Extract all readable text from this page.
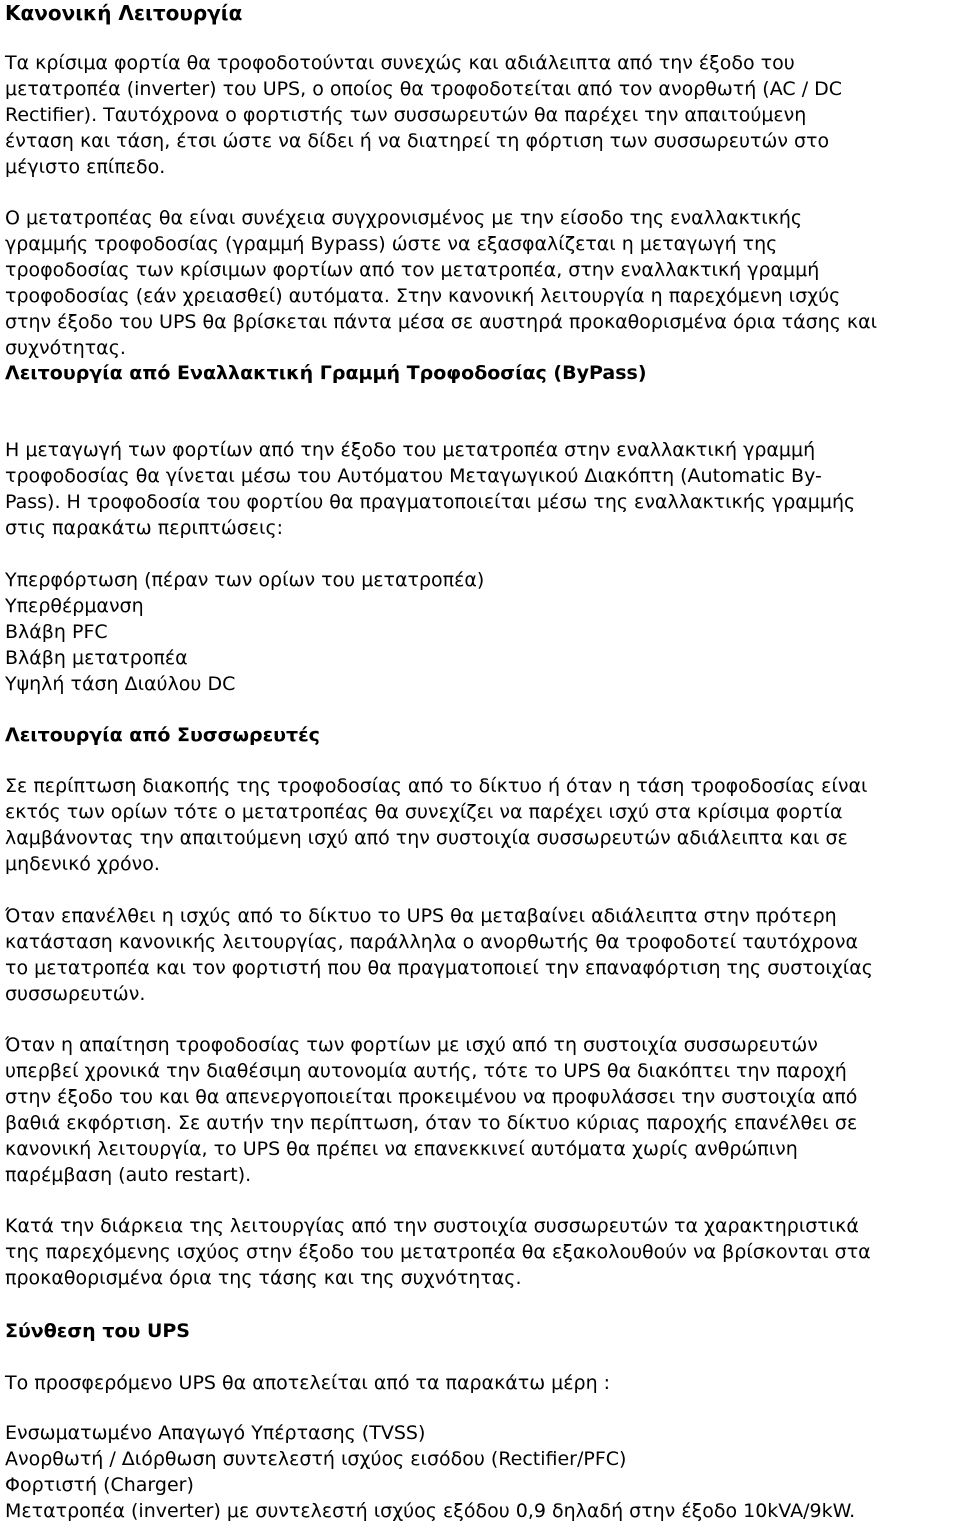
Κανονική Λειτουργία
Τα κρίσιμα φορτία θα τροφοδοτούνται συνεχώς και αδιάλειπτα από την έξοδο του
μετατροπέα (inverter) του UPS, ο οποίος θα τροφοδοτείται από τον ανορθωτή (AC / DC
Rectifier). Ταυτόχρονα ο φορτιστής των συσσωρευτών θα παρέχει την απαιτούμενη
ένταση και τάση, έτσι ώστε να δίδει ή να διατηρεί τη φόρτιση των συσσωρευτών στο
μέγιστο επίπεδο.
Ο μετατροπέας θα είναι συνέχεια συγχρονισμένος με την είσοδο της εναλλακτικής
γραμμής τροφοδοσίας (γραμμή Bypass) ώστε να εξασφαλίζεται η μεταγωγή της
τροφοδοσίας των κρίσιμων φορτίων από τον μετατροπέα, στην εναλλακτική γραμμή
τροφοδοσίας (εάν χρειασθεί) αυτόματα. Στην κανονική λειτουργία η παρεχόμενη ισχύς
στην έξοδο του UPS θα βρίσκεται πάντα μέσα σε αυστηρά προκαθορισμένα όρια τάσης και
συχνότητας.
Λειτουργία από Εναλλακτική Γραμμή Τροφοδοσίας (ByPass)
Η μεταγωγή των φορτίων από την έξοδο του μετατροπέα στην εναλλακτική γραμμή
τροφοδοσίας θα γίνεται μέσω του Αυτόματου Μεταγωγικού Διακόπτη (Automatic By-
Pass). Η τροφοδοσία του φορτίου θα πραγματοποιείται μέσω της εναλλακτικής γραμμής
στις παρακάτω περιπτώσεις:
Υπερφόρτωση (πέραν των ορίων του μετατροπέα)
Υπερθέρμανση
Βλάβη PFC
Βλάβη μετατροπέα
Υψηλή τάση Διαύλου DC
Λειτουργία από Συσσωρευτές
Σε περίπτωση διακοπής της τροφοδοσίας από το δίκτυο ή όταν η τάση τροφοδοσίας είναι
εκτός των ορίων τότε ο μετατροπέας θα συνεχίζει να παρέχει ισχύ στα κρίσιμα φορτία
λαμβάνοντας την απαιτούμενη ισχύ από την συστοιχία συσσωρευτών αδιάλειπτα και σε
μηδενικό χρόνο.
Όταν επανέλθει η ισχύς από το δίκτυο το UPS θα μεταβαίνει αδιάλειπτα στην πρότερη
κατάσταση κανονικής λειτουργίας, παράλληλα ο ανορθωτής θα τροφοδοτεί ταυτόχρονα
το μετατροπέα και τον φορτιστή που θα πραγματοποιεί την επαναφόρτιση της συστοιχίας
συσσωρευτών.
Όταν η απαίτηση τροφοδοσίας των φορτίων με ισχύ από τη συστοιχία συσσωρευτών
υπερβεί χρονικά την διαθέσιμη αυτονομία αυτής, τότε το UPS θα διακόπτει την παροχή
στην έξοδο του και θα απενεργοποιείται προκειμένου να προφυλάσσει την συστοιχία από
βαθιά εκφόρτιση. Σε αυτήν την περίπτωση, όταν το δίκτυο κύριας παροχής επανέλθει σε
κανονική λειτουργία, το UPS θα πρέπει να επανεκκινεί αυτόματα χωρίς ανθρώπινη
παρέμβαση (auto restart).
Κατά την διάρκεια της λειτουργίας από την συστοιχία συσσωρευτών τα χαρακτηριστικά
της παρεχόμενης ισχύος στην έξοδο του μετατροπέα θα εξακολουθούν να βρίσκονται στα
προκαθορισμένα όρια της τάσης και της συχνότητας.
Σύνθεση του UPS
Το προσφερόμενο UPS θα αποτελείται από τα παρακάτω μέρη :
Ενσωματωμένο Απαγωγό Υπέρτασης (TVSS)
Ανορθωτή / Διόρθωση συντελεστή ισχύος εισόδου (Rectifier/PFC)
Φορτιστή (Charger)
Μετατροπέα (inverter) με συντελεστή ισχύος εξόδου 0,9 δηλαδή στην έξοδο 10kVA/9kW.
